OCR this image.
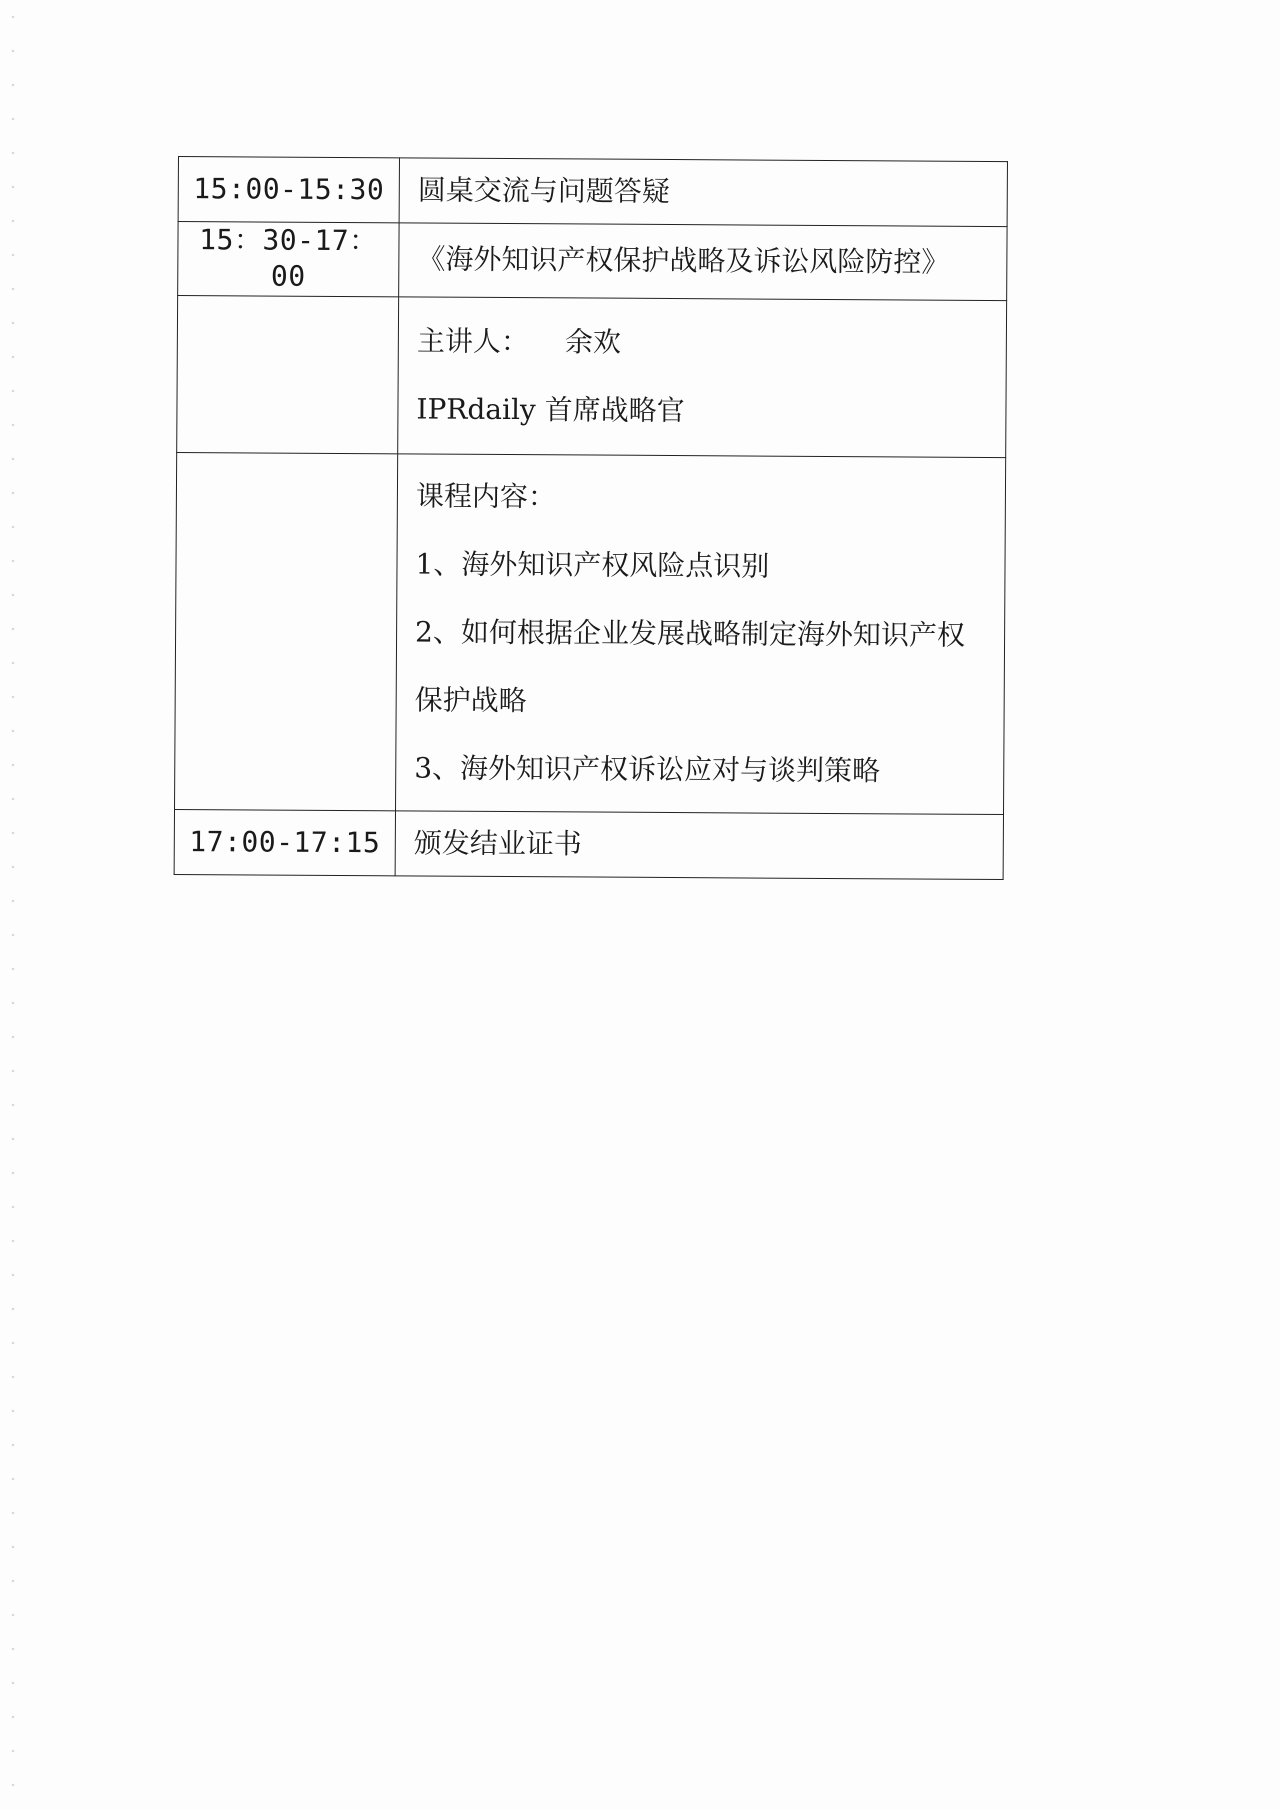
15:00-15:30	圆桌交流与问题答疑
15：30-17：00	《海外知识产权保护战略及诉讼风险防控》

	主讲人： 余欢
IPRdaily 首席战略官

	课程内容：
1、海外知识产权风险点识别
2、如何根据企业发展战略制定海外知识产权保护战略
3、海外知识产权诉讼应对与谈判策略

17:00-17:15	颁发结业证书
